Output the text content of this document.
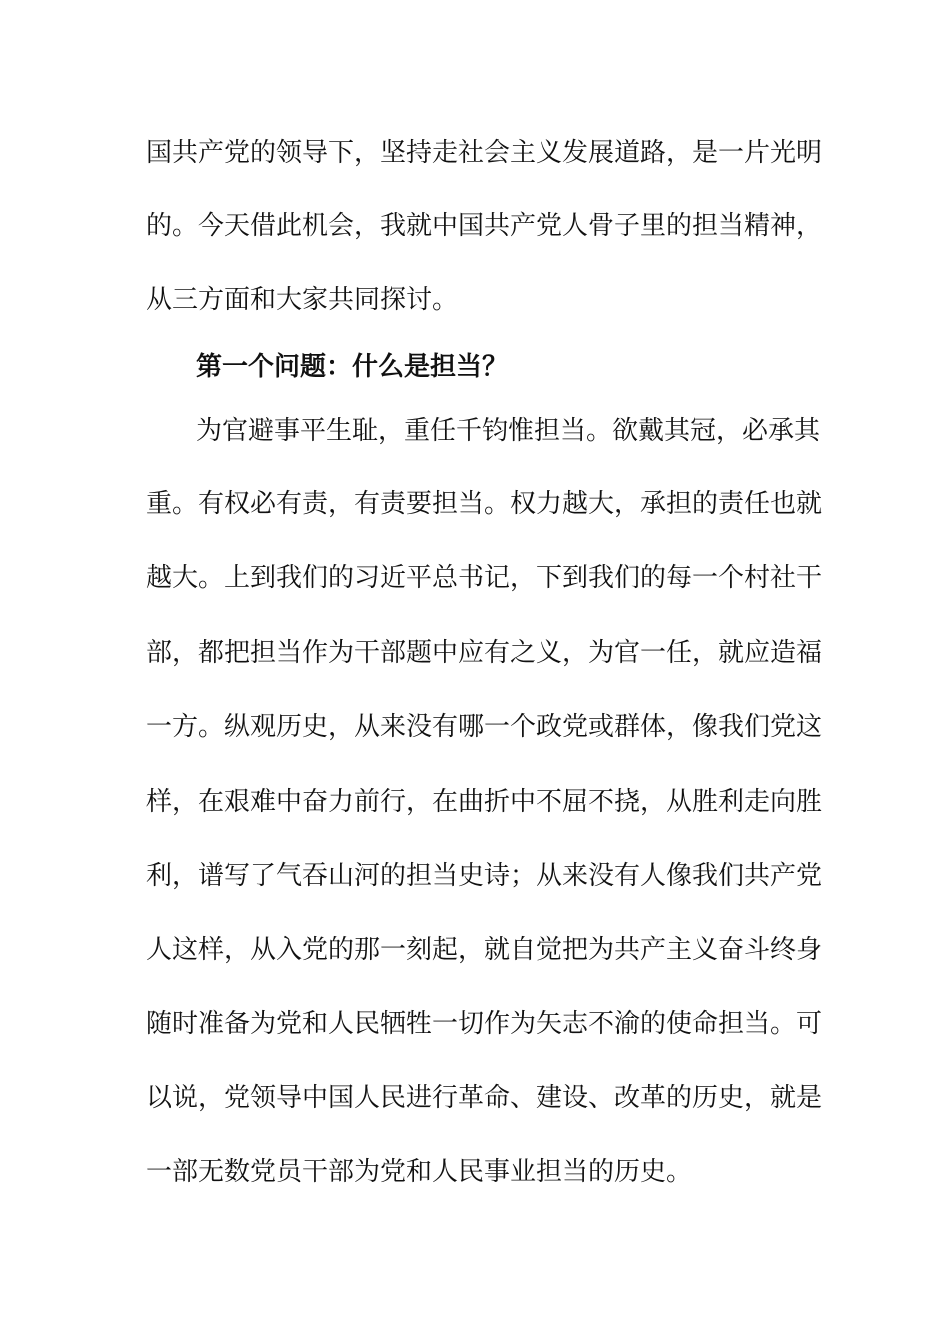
国共产党的领导下，坚持走社会主义发展道路，是一片光明
的。今天借此机会，我就中国共产党人骨子里的担当精神，
从三方面和大家共同探讨。
第一个问题：什么是担当？
为官避事平生耻，重任千钧惟担当。欲戴其冠，必承其
重。有权必有责，有责要担当。权力越大，承担的责任也就
越大。上到我们的习近平总书记，下到我们的每一个村社干
部，都把担当作为干部题中应有之义，为官一任，就应造福
一方。纵观历史，从来没有哪一个政党或群体，像我们党这
样，在艰难中奋力前行，在曲折中不屈不挠，从胜利走向胜
利，谱写了气吞山河的担当史诗；从来没有人像我们共产党
人这样，从入党的那一刻起，就自觉把为共产主义奋斗终身
随时准备为党和人民牺牲一切作为矢志不渝的使命担当。可
以说，党领导中国人民进行革命、建设、改革的历史，就是
一部无数党员干部为党和人民事业担当的历史。
